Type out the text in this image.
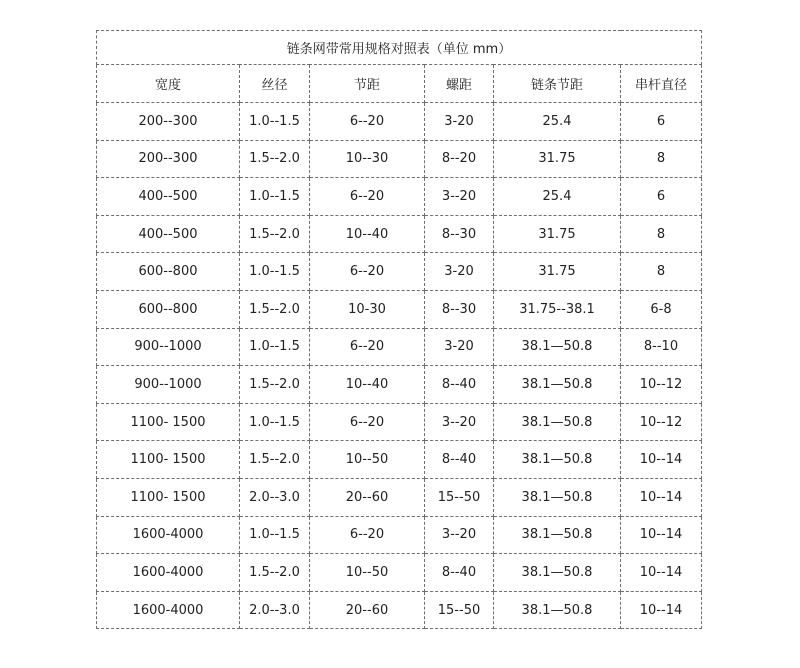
链条网带常用规格对照表（单位 mm）					
宽度	丝径	节距	螺距	链条节距	串杆直径
200--300	1.0--1.5	6--20	3-20	25.4	6
200--300	1.5--2.0	10--30	8--20	31.75	8
400--500	1.0--1.5	6--20	3--20	25.4	6
400--500	1.5--2.0	10--40	8--30	31.75	8
600--800	1.0--1.5	6--20	3-20	31.75	8
600--800	1.5--2.0	10-30	8--30	31.75--38.1	6-8
900--1000	1.0--1.5	6--20	3-20	38.1—50.8	8--10
900--1000	1.5--2.0	10--40	8--40	38.1—50.8	10--12
1100- 1500	1.0--1.5	6--20	3--20	38.1—50.8	10--12
1100- 1500	1.5--2.0	10--50	8--40	38.1—50.8	10--14
1100- 1500	2.0--3.0	20--60	15--50	38.1—50.8	10--14
1600-4000	1.0--1.5	6--20	3--20	38.1—50.8	10--14
1600-4000	1.5--2.0	10--50	8--40	38.1—50.8	10--14
1600-4000	2.0--3.0	20--60	15--50	38.1—50.8	10--14
